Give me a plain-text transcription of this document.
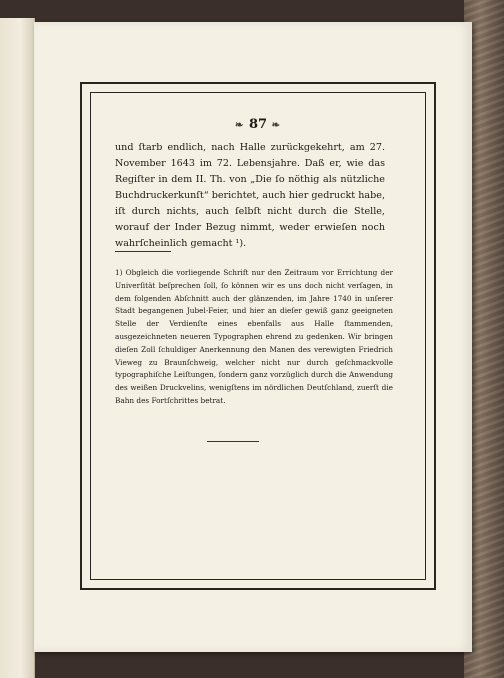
❧ 87 ❧

und ſtarb endlich, nach Halle zurückgekehrt, am 27. November 1643 im 72. Lebensjahre. Daß er, wie das Regiſter in dem II. Th. von „Die ſo nöthig als nützliche Buchdruckerkunſt“ berichtet, auch hier gedruckt habe, iſt durch nichts, auch ſelbſt nicht durch die Stelle, worauf der Inder Bezug nimmt, weder erwieſen noch wahrſcheinlich gemacht ¹).

1) Obgleich die vorliegende Schrift nur den Zeitraum vor Errichtung der Univerſität beſprechen ſoll, ſo können wir es uns doch nicht verſagen, in dem folgenden Abſchnitt auch der glänzenden, im Jahre 1740 in unſerer Stadt begangenen Jubel-Feier, und hier an dieſer gewiß ganz geeigneten Stelle der Verdienſte eines ebenfalls aus Halle ſtammenden, ausgezeichneten neueren Typographen ehrend zu gedenken. Wir bringen dieſen Zoll ſchuldiger Anerkennung den Manen des verewigten Friedrich Vieweg zu Braunſchweig, welcher nicht nur durch geſchmackvolle typographiſche Leiſtungen, ſondern ganz vorzüglich durch die Anwendung des weißen Druckvelins, wenigſtens im nördlichen Deutſchland, zuerſt die Bahn des Fortſchrittes betrat.
